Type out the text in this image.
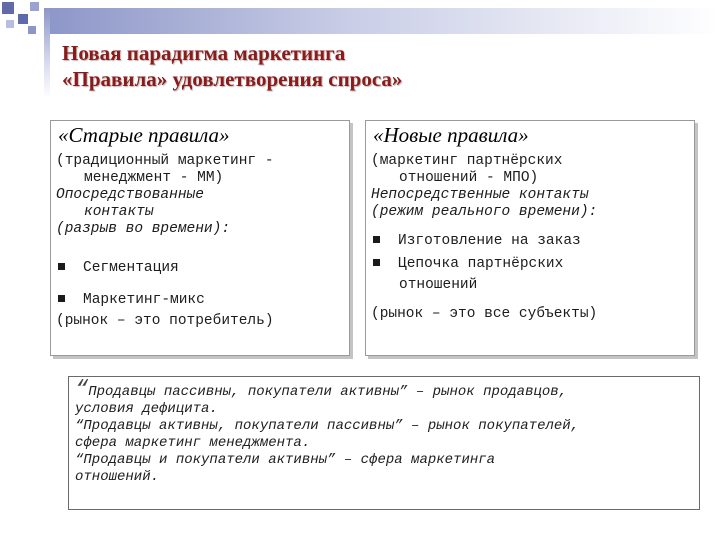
Новая парадигма маркетинга
«Правила» удовлетворения спроса»
«Старые правила»
(традиционный маркетинг -
менеджмент - ММ)
Опосредствованные
контакты
(разрыв во времени):
Сегментация
Маркетинг-микс
(рынок – это потребитель)
«Новые правила»
(маркетинг партнёрских
отношений - МПО)
Непосредственные контакты
(режим реального времени):
Изготовление на заказ
Цепочка партнёрских
отношений
(рынок – это все субъекты)
“Продавцы пассивны, покупатели активны” – рынок продавцов,
условия дефицита.
“Продавцы активны, покупатели пассивны” – рынок покупателей,
сфера маркетинг менеджмента.
“Продавцы и покупатели активны” – сфера маркетинга
отношений.
